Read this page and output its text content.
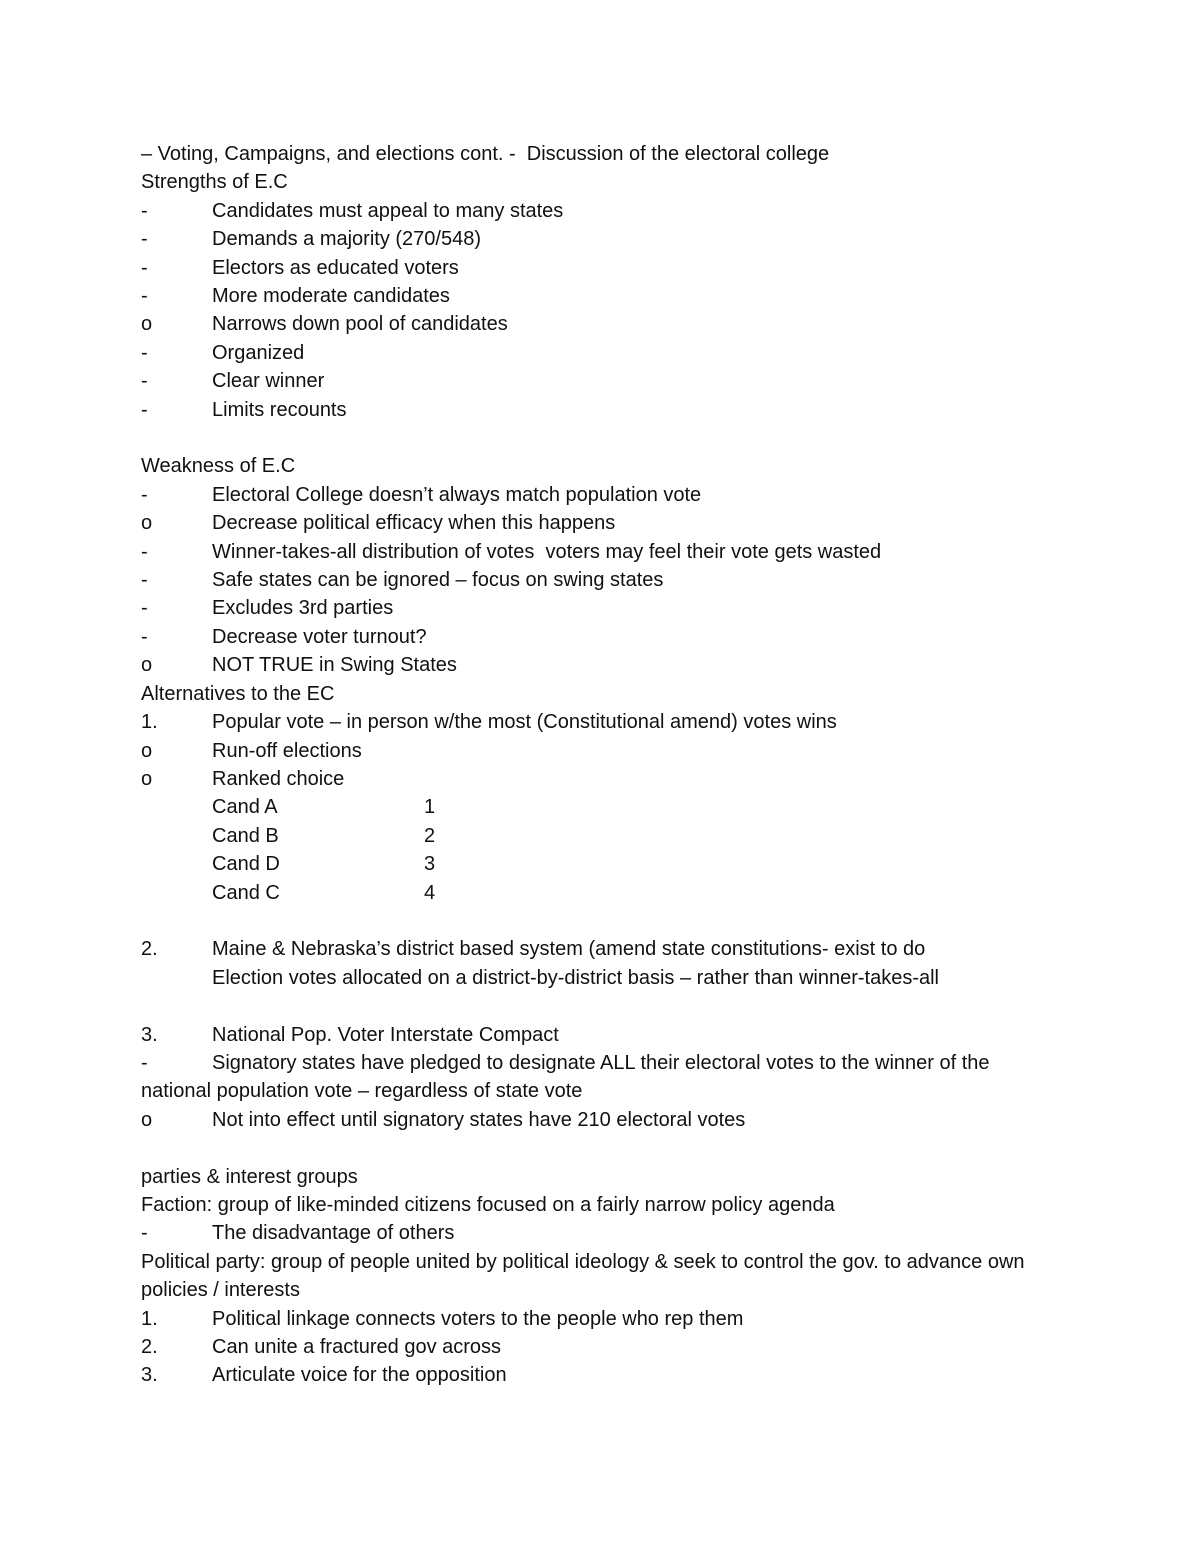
– Voting, Campaigns, and elections cont. -  Discussion of the electoral college
Strengths of E.C
-	Candidates must appeal to many states
-	Demands a majority (270/548)
-	Electors as educated voters
-	More moderate candidates
o	Narrows down pool of candidates
-	Organized
-	Clear winner
-	Limits recounts
Weakness of E.C
-	Electoral College doesn’t always match population vote
o	Decrease political efficacy when this happens
-	Winner-takes-all distribution of votes  voters may feel their vote gets wasted
-	Safe states can be ignored – focus on swing states
-	Excludes 3rd parties
-	Decrease voter turnout?
o	NOT TRUE in Swing States
Alternatives to the EC
1.	Popular vote – in person w/the most (Constitutional amend) votes wins
o	Run-off elections
o	Ranked choice
Cand A	1
Cand B	2
Cand D	3
Cand C	4
2.	Maine & Nebraska’s district based system (amend state constitutions- exist to do
Election votes allocated on a district-by-district basis – rather than winner-takes-all
3.	National Pop. Voter Interstate Compact
-	Signatory states have pledged to designate ALL their electoral votes to the winner of the
national population vote – regardless of state vote
o	Not into effect until signatory states have 210 electoral votes
parties & interest groups
Faction: group of like-minded citizens focused on a fairly narrow policy agenda
-	The disadvantage of others
Political party: group of people united by political ideology & seek to control the gov. to advance own policies / interests
1.	Political linkage connects voters to the people who rep them
2.	Can unite a fractured gov across
3.	Articulate voice for the opposition
